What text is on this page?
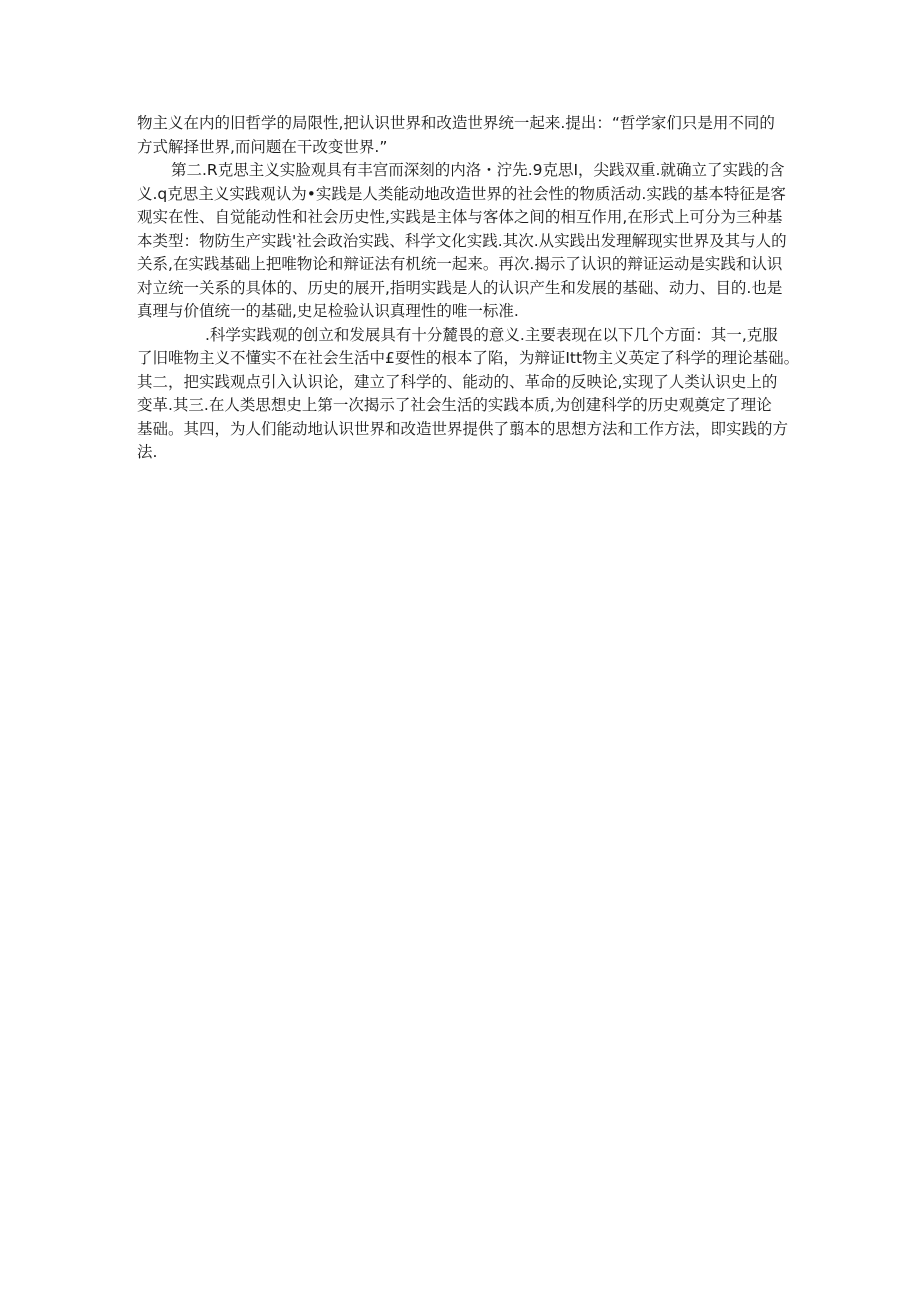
物主义在内的旧哲学的局限性,把认识世界和改造世界统一起来.提出：“哲学家们只是用不同的
方式解择世界,而问题在干改变世界.”
第二.R克思主义实脸观具有丰宫而深刻的内洛・泞先.9克思I，尖践双重.就确立了实践的含
义.q克思主义实践观认为•实践是人类能动地改造世界的社会性的物质活动.实践的基本特征是客
观实在性、自觉能动性和社会历史性,实践是主体与客体之间的相互作用,在形式上可分为三种基
本类型：物防生产实践'社会政治实践、科学文化实践.其次.从实践出发理解现实世界及其与人的
关系,在实践基础上把唯物论和辩证法有机统一起来。再次.揭示了认识的辩证运动是实践和认识
对立统一关系的具体的、历史的展开,指明实践是人的认识产生和发展的基础、动力、目的.也是
真理与价值统一的基础,史足检验认识真理性的唯一标准.
.科学实践观的创立和发展具有十分麓畏的意义.主要表现在以下几个方面：其一,克服
了旧唯物主义不懂实不在社会生活中£耍性的根本了陷，为辩证Itt物主义英定了科学的理论基础。
其二，把实践观点引入认识论，建立了科学的、能动的、革命的反映论,实现了人类认识史上的
变革.其三.在人类思想史上第一次揭示了社会生活的实践本质,为创建科学的历史观奠定了理论
基础。其四，为人们能动地认识世界和改造世界提供了翦本的思想方法和工作方法，即实践的方
法.
